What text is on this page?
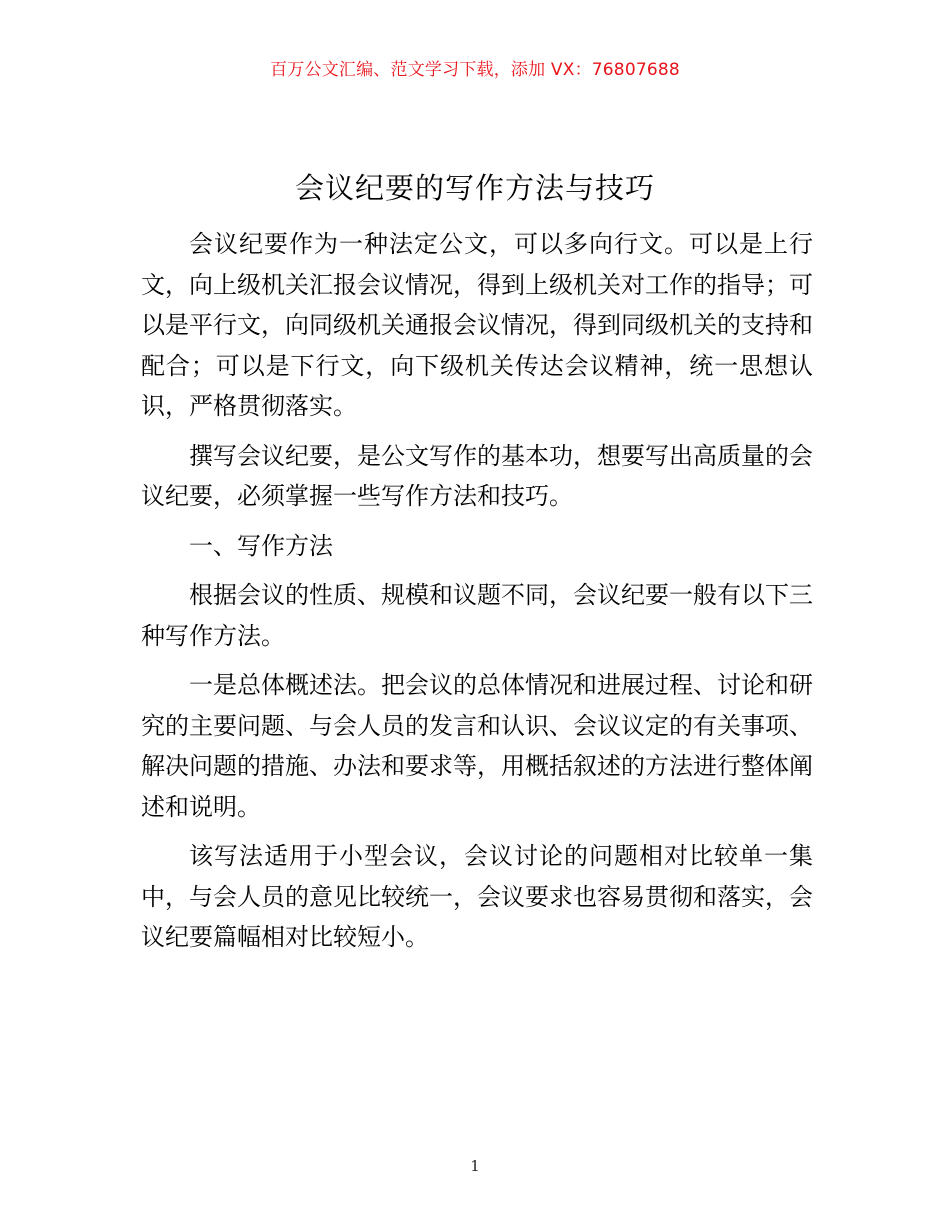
百万公文汇编、范文学习下载，添加 VX：76807688
会议纪要的写作方法与技巧

会议纪要作为一种法定公文，可以多向行文。可以是上行文，向上级机关汇报会议情况，得到上级机关对工作的指导；可以是平行文，向同级机关通报会议情况，得到同级机关的支持和配合；可以是下行文，向下级机关传达会议精神，统一思想认识，严格贯彻落实。

撰写会议纪要，是公文写作的基本功，想要写出高质量的会议纪要，必须掌握一些写作方法和技巧。

一、写作方法

根据会议的性质、规模和议题不同，会议纪要一般有以下三种写作方法。

一是总体概述法。把会议的总体情况和进展过程、讨论和研究的主要问题、与会人员的发言和认识、会议议定的有关事项、解决问题的措施、办法和要求等，用概括叙述的方法进行整体阐述和说明。

该写法适用于小型会议，会议讨论的问题相对比较单一集中，与会人员的意见比较统一，会议要求也容易贯彻和落实，会议纪要篇幅相对比较短小。

1
